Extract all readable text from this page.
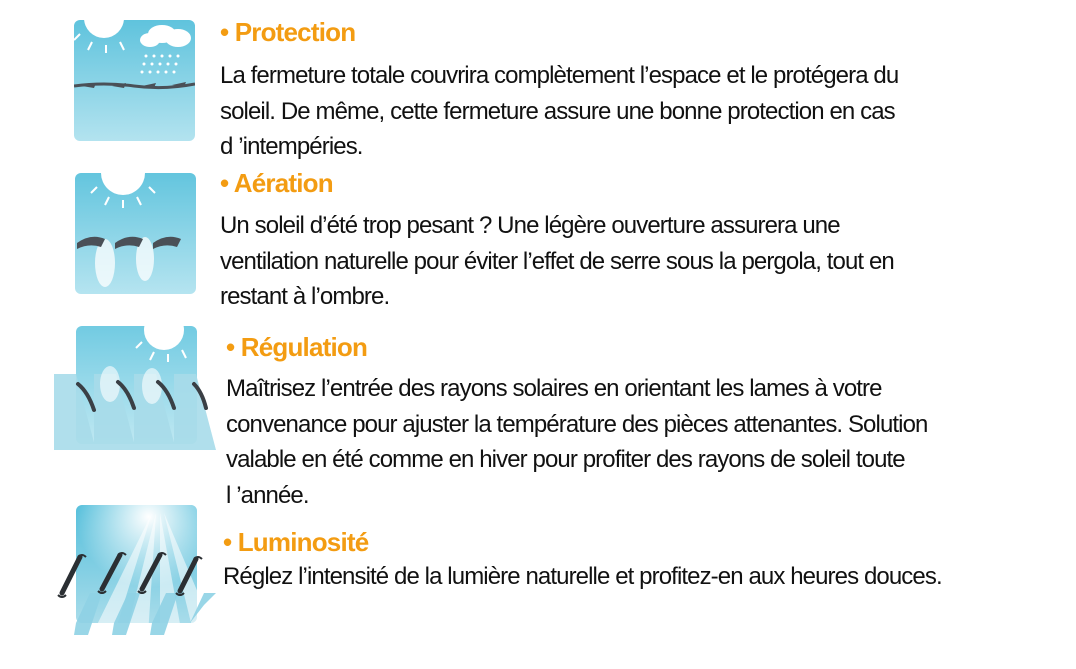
• Protection

La fermeture totale couvrira complètement l’espace et le protégera du
soleil. De même, cette fermeture assure une bonne protection en cas
d ’intempéries.

• Aération

Un soleil d’été trop pesant ? Une légère ouverture assurera une
ventilation naturelle pour éviter l’effet de serre sous la pergola, tout en
restant à l’ombre.

• Régulation

Maîtrisez l’entrée des rayons solaires en orientant les lames à votre
convenance pour ajuster la température des pièces attenantes. Solution
valable en été comme en hiver pour profiter des rayons de soleil toute
l ’année.

• Luminosité

Réglez l’intensité de la lumière naturelle et profitez-en aux heures douces.
